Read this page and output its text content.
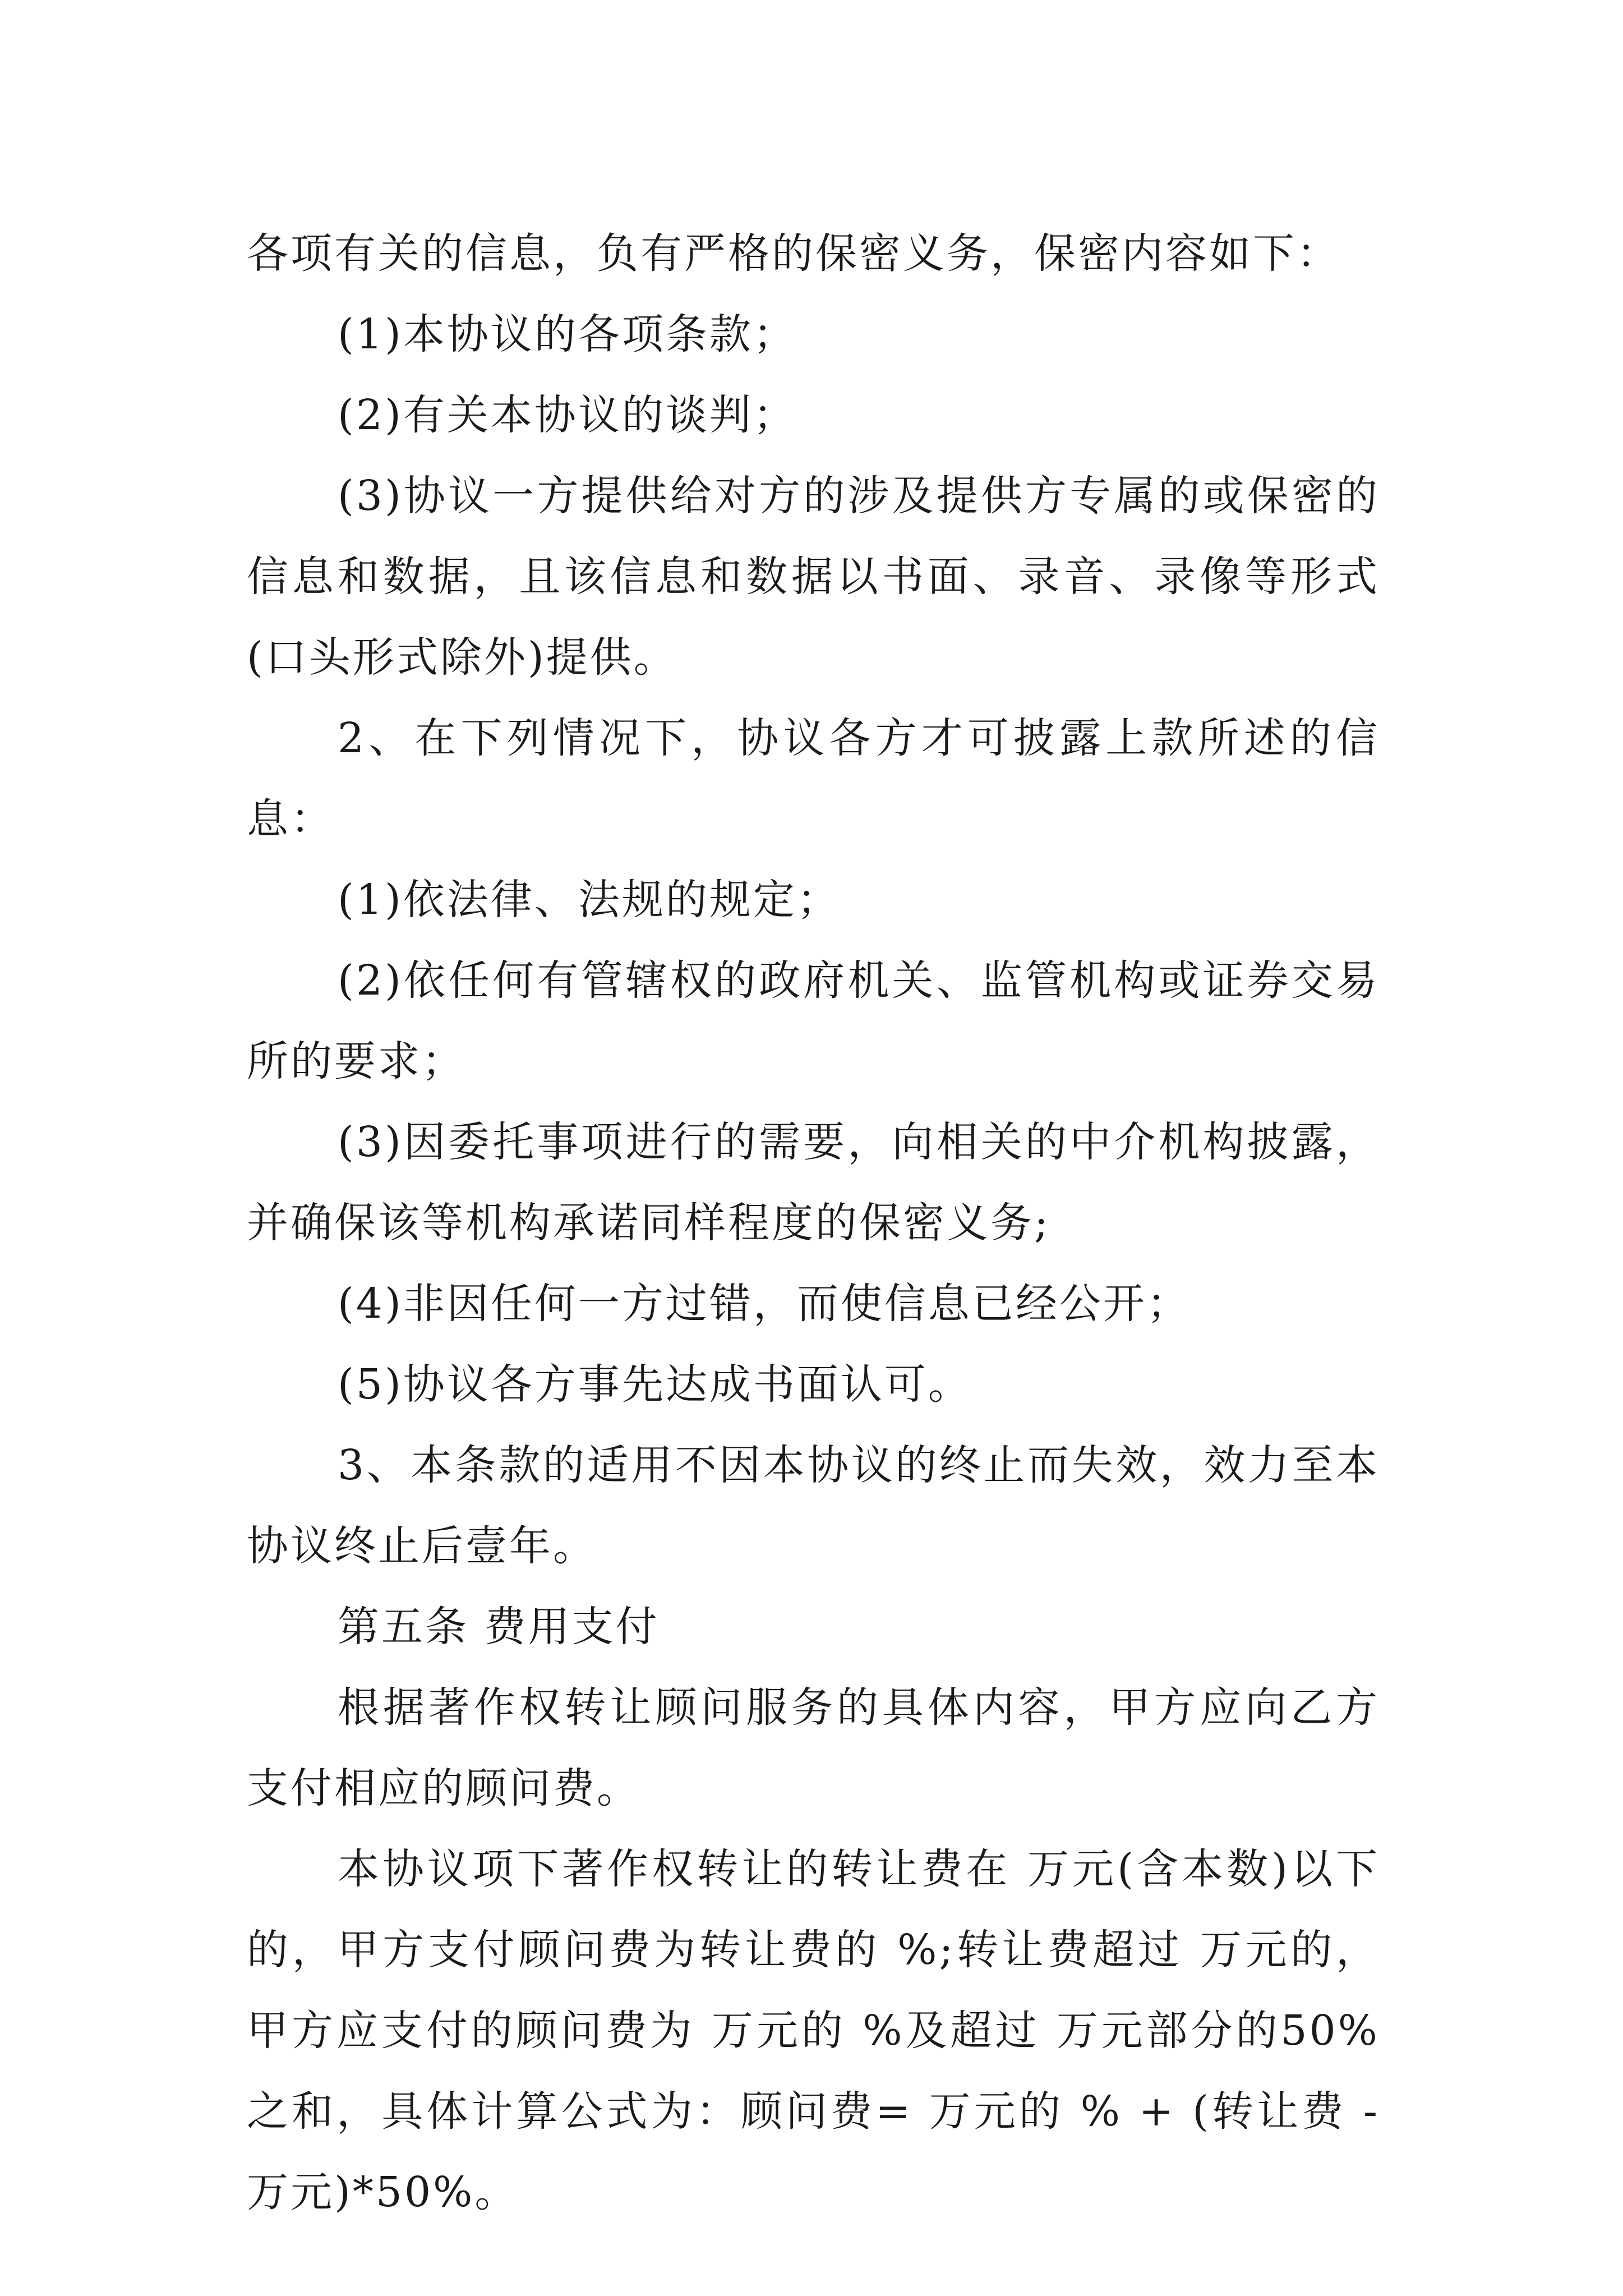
各项有关的信息，负有严格的保密义务，保密内容如下：

(1)本协议的各项条款；

(2)有关本协议的谈判；

(3)协议一方提供给对方的涉及提供方专属的或保密的信息和数据，且该信息和数据以书面、录音、录像等形式(口头形式除外)提供。

2、在下列情况下，协议各方才可披露上款所述的信息：

(1)依法律、法规的规定；

(2)依任何有管辖权的政府机关、监管机构或证券交易所的要求；

(3)因委托事项进行的需要，向相关的中介机构披露，并确保该等机构承诺同样程度的保密义务;

(4)非因任何一方过错，而使信息已经公开；

(5)协议各方事先达成书面认可。

3、本条款的适用不因本协议的终止而失效，效力至本协议终止后壹年。

第五条 费用支付

根据著作权转让顾问服务的具体内容，甲方应向乙方支付相应的顾问费。

本协议项下著作权转让的转让费在 万元(含本数)以下的，甲方支付顾问费为转让费的 %;转让费超过 万元的，甲方应支付的顾问费为 万元的 %及超过 万元部分的50%之和，具体计算公式为：顾问费= 万元的 % + (转让费 - 万元)*50%。
